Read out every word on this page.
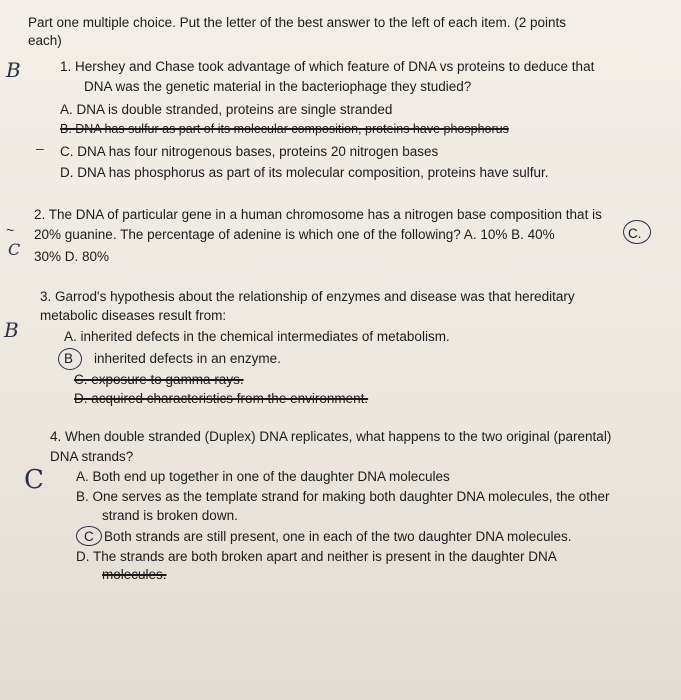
Part one multiple choice. Put the letter of the best answer to the left of each item. (2 points
each)
B	1. Hershey and Chase took advantage of which feature of DNA vs proteins to deduce that
DNA was the genetic material in the bacteriophage they studied?
A. DNA is double stranded, proteins are single stranded
B. DNA has sulfur as part of its molecular composition, proteins have phosphorus
– C. DNA has four nitrogenous bases, proteins 20 nitrogen bases
D. DNA has phosphorus as part of its molecular composition, proteins have sulfur.
~
C
2. The DNA of particular gene in a human chromosome has a nitrogen base composition that is
20% guanine. The percentage of adenine is which one of the following? A. 10% B. 40%	C.
30% D. 80%
B
3. Garrod's hypothesis about the relationship of enzymes and disease was that hereditary
metabolic diseases result from:
A. inherited defects in the chemical intermediates of metabolism.
B inherited defects in an enzyme.
C. exposure to gamma rays.
D. acquired characteristics from the environment.
C
4. When double stranded (Duplex) DNA replicates, what happens to the two original (parental)
DNA strands?
A. Both end up together in one of the daughter DNA molecules
B. One serves as the template strand for making both daughter DNA molecules, the other
strand is broken down.
C Both strands are still present, one in each of the two daughter DNA molecules.
D. The strands are both broken apart and neither is present in the daughter DNA
molecules.
